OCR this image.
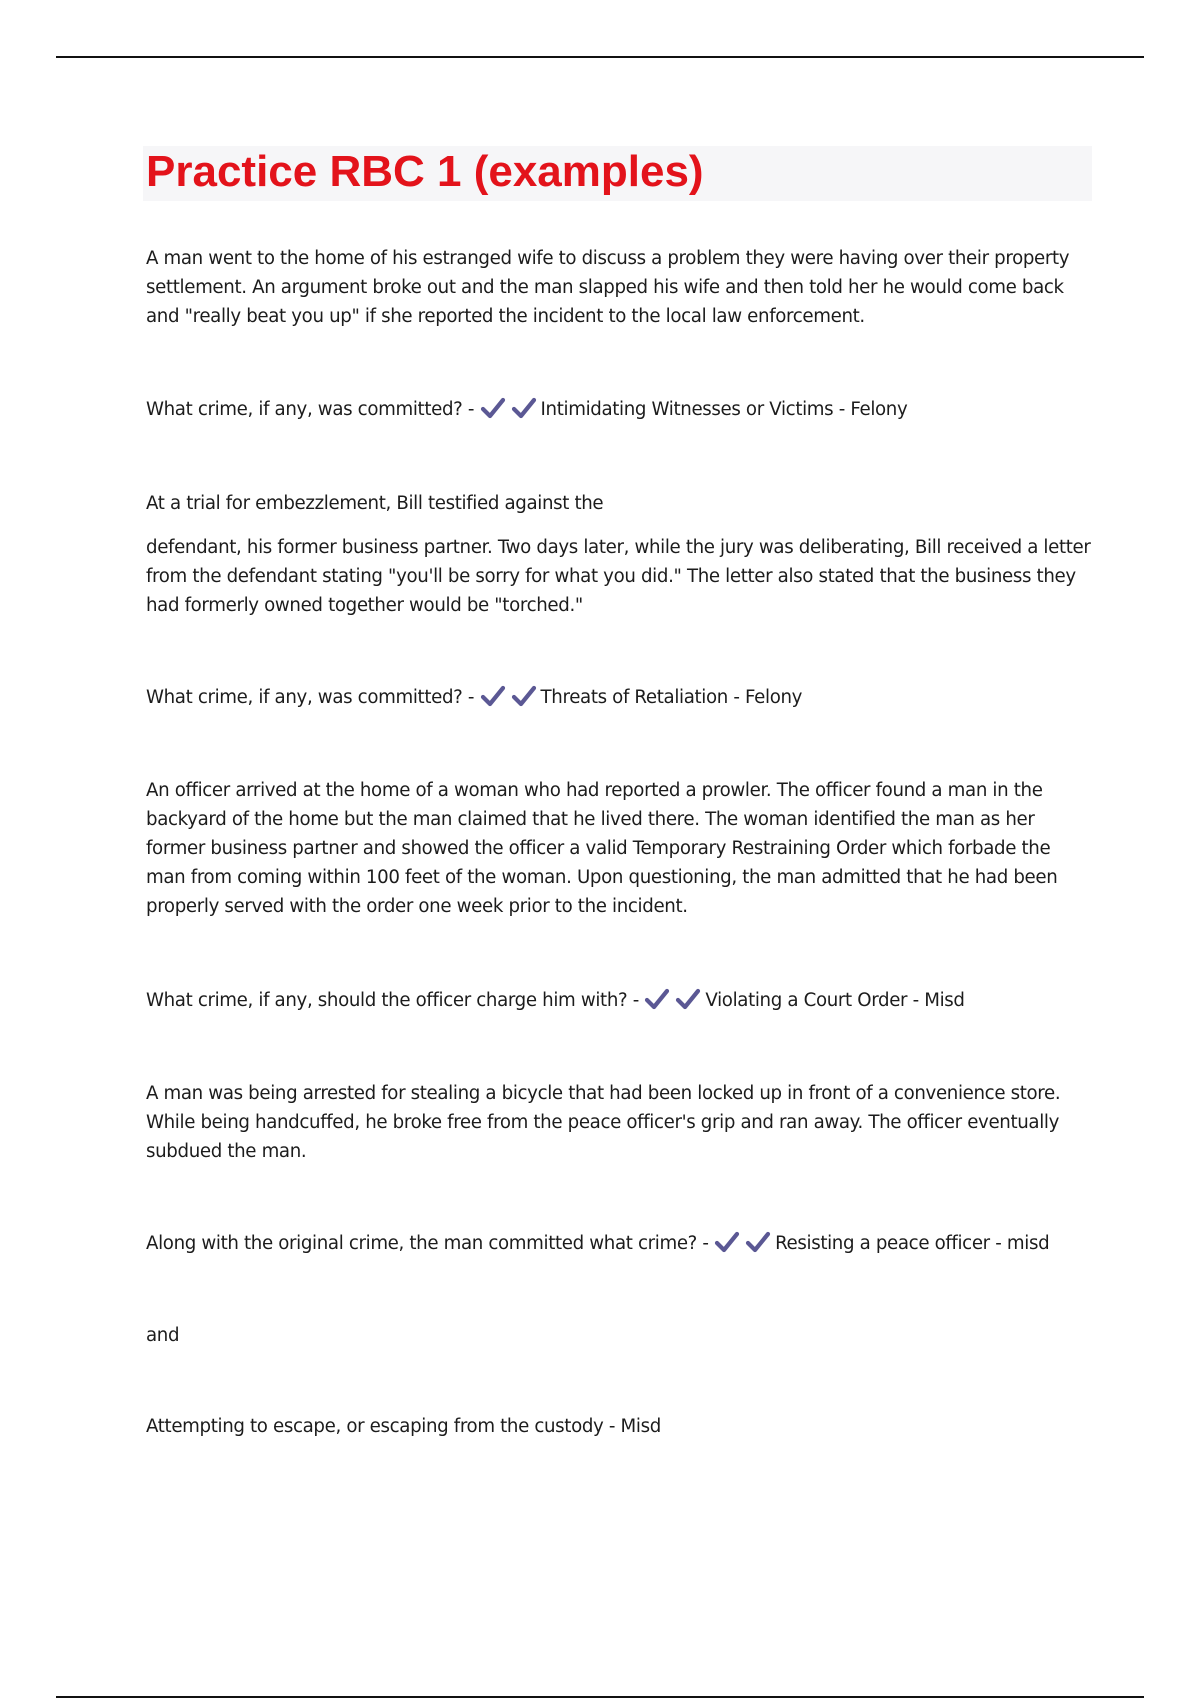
Practice RBC 1 (examples)

A man went to the home of his estranged wife to discuss a problem they were having over their property settlement. An argument broke out and the man slapped his wife and then told her he would come back and "really beat you up" if she reported the incident to the local law enforcement.

What crime, if any, was committed? -	Intimidating Witnesses or Victims - Felony

At a trial for embezzlement, Bill testified against the

defendant, his former business partner. Two days later, while the jury was deliberating, Bill received a letter from the defendant stating "you'll be sorry for what you did." The letter also stated that the business they had formerly owned together would be "torched."

What crime, if any, was committed? -	Threats of Retaliation - Felony

An officer arrived at the home of a woman who had reported a prowler. The officer found a man in the backyard of the home but the man claimed that he lived there. The woman identified the man as her former business partner and showed the officer a valid Temporary Restraining Order which forbade the man from coming within 100 feet of the woman. Upon questioning, the man admitted that he had been properly served with the order one week prior to the incident.

What crime, if any, should the officer charge him with? -	Violating a Court Order - Misd

A man was being arrested for stealing a bicycle that had been locked up in front of a convenience store. While being handcuffed, he broke free from the peace officer's grip and ran away. The officer eventually subdued the man.

Along with the original crime, the man committed what crime? -	Resisting a peace officer - misd

and

Attempting to escape, or escaping from the custody - Misd
